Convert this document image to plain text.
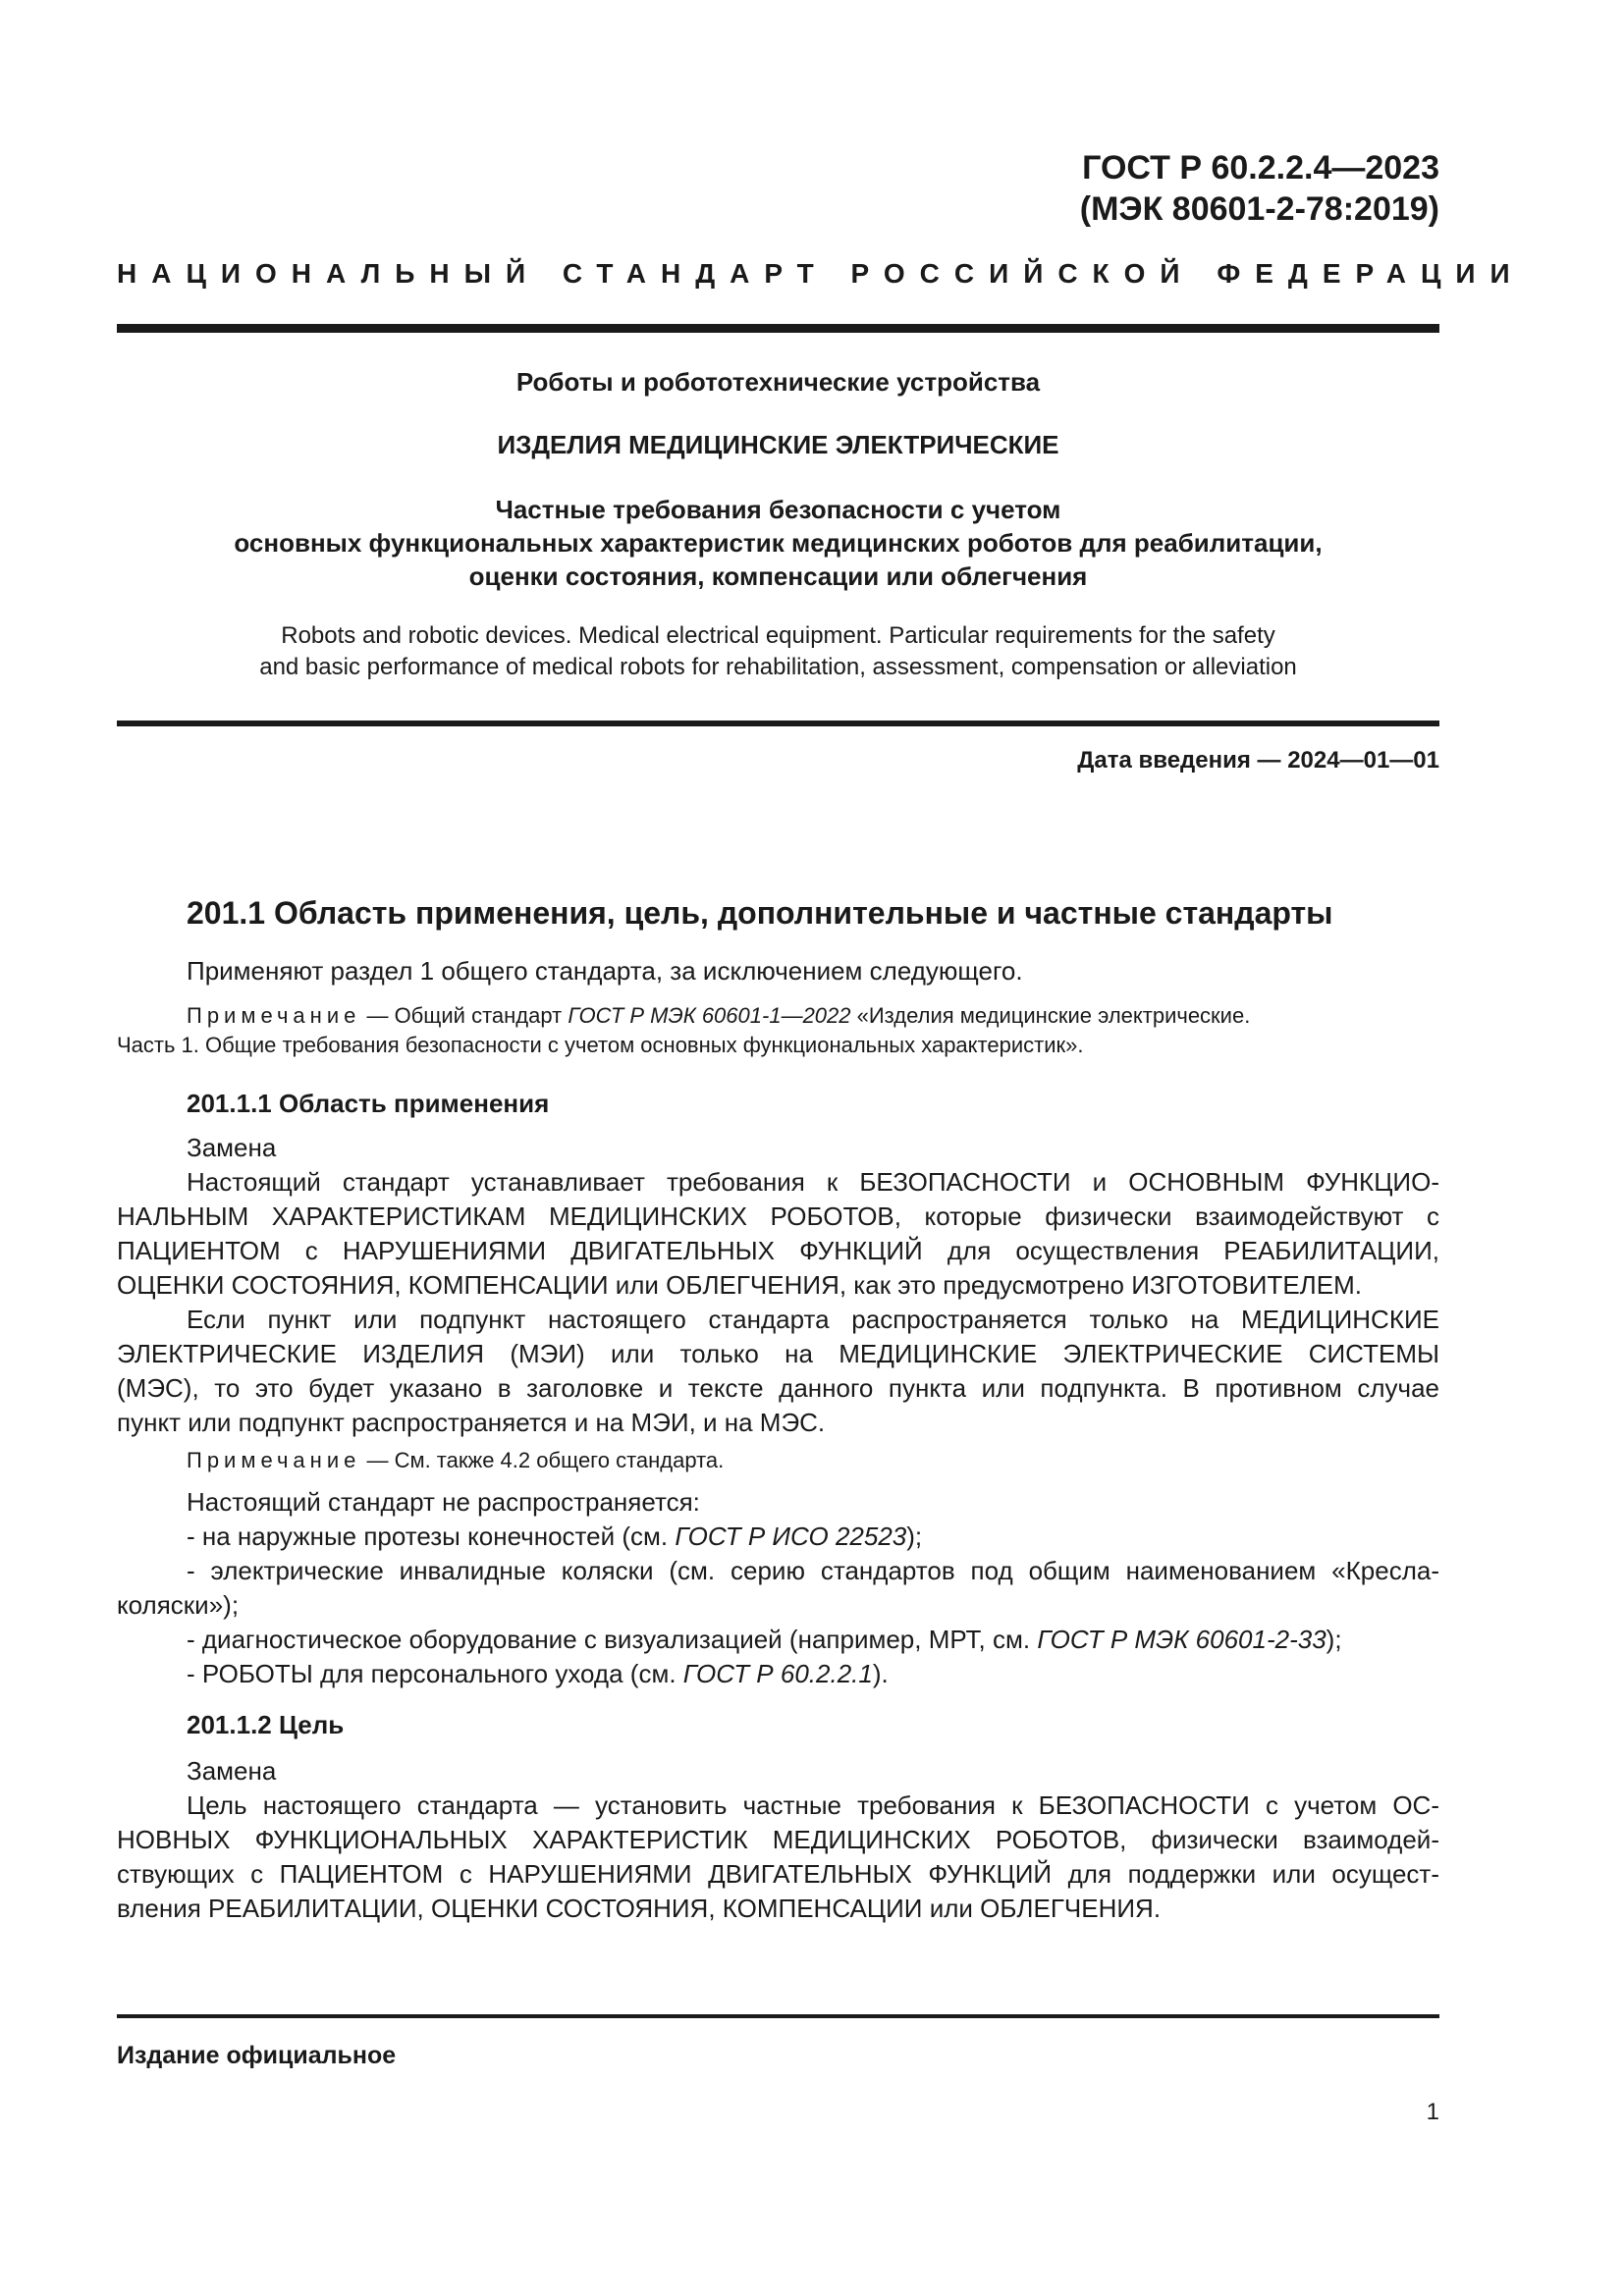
ГОСТ Р 60.2.2.4—2023
(МЭК 80601-2-78:2019)
НАЦИОНАЛЬНЫЙ СТАНДАРТ РОССИЙСКОЙ ФЕДЕРАЦИИ
Роботы и робототехнические устройства
ИЗДЕЛИЯ МЕДИЦИНСКИЕ ЭЛЕКТРИЧЕСКИЕ

Частные требования безопасности с учетом

основных функциональных характеристик медицинских роботов для реабилитации,

оценки состояния, компенсации или облегчения

Robots and robotic devices. Medical electrical equipment. Particular requirements for the safety

and basic performance of medical robots for rehabilitation, assessment, compensation or alleviation

Дата введения — 2024—01—01
201.1 Область применения, цель, дополнительные и частные стандарты
Применяют раздел 1 общего стандарта, за исключением следующего.
Примечание — Общий стандарт ГОСТ Р МЭК 60601-1—2022 «Изделия медицинские электрические.
Часть 1. Общие требования безопасности с учетом основных функциональных характеристик».
201.1.1 Область применения
Замена
Настоящий стандарт устанавливает требования к БЕЗОПАСНОСТИ и ОСНОВНЫМ ФУНКЦИО-
НАЛЬНЫМ ХАРАКТЕРИСТИКАМ МЕДИЦИНСКИХ РОБОТОВ, которые физически взаимодействуют с
ПАЦИЕНТОМ с НАРУШЕНИЯМИ ДВИГАТЕЛЬНЫХ ФУНКЦИЙ для осуществления РЕАБИЛИТАЦИИ,
ОЦЕНКИ СОСТОЯНИЯ, КОМПЕНСАЦИИ или ОБЛЕГЧЕНИЯ, как это предусмотрено ИЗГОТОВИТЕЛЕМ.
Если пункт или подпункт настоящего стандарта распространяется только на МЕДИЦИНСКИЕ
ЭЛЕКТРИЧЕСКИЕ ИЗДЕЛИЯ (МЭИ) или только на МЕДИЦИНСКИЕ ЭЛЕКТРИЧЕСКИЕ СИСТЕМЫ
(МЭС), то это будет указано в заголовке и тексте данного пункта или подпункта. В противном случае
пункт или подпункт распространяется и на МЭИ, и на МЭС.
Примечание — См. также 4.2 общего стандарта.
Настоящий стандарт не распространяется:
- на наружные протезы конечностей (см. ГОСТ Р ИСО 22523);
- электрические инвалидные коляски (см. серию стандартов под общим наименованием «Кресла-
коляски»);
- диагностическое оборудование с визуализацией (например, МРТ, см. ГОСТ Р МЭК 60601-2-33);
- РОБОТЫ для персонального ухода (см. ГОСТ Р 60.2.2.1).
201.1.2 Цель
Замена
Цель настоящего стандарта — установить частные требования к БЕЗОПАСНОСТИ с учетом ОС-
НОВНЫХ ФУНКЦИОНАЛЬНЫХ ХАРАКТЕРИСТИК МЕДИЦИНСКИХ РОБОТОВ, физически взаимодей-
ствующих с ПАЦИЕНТОМ с НАРУШЕНИЯМИ ДВИГАТЕЛЬНЫХ ФУНКЦИЙ для поддержки или осущест-
вления РЕАБИЛИТАЦИИ, ОЦЕНКИ СОСТОЯНИЯ, КОМПЕНСАЦИИ или ОБЛЕГЧЕНИЯ.
Издание официальное
1
